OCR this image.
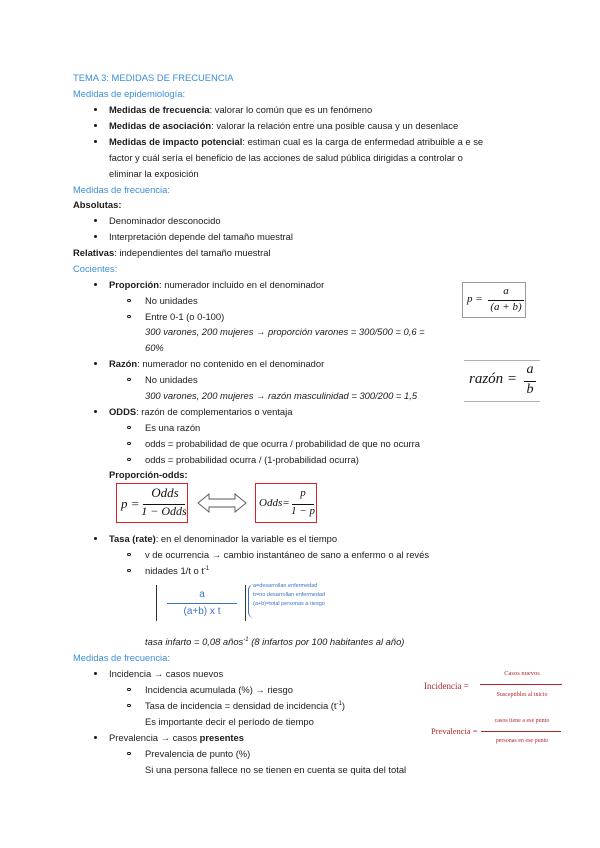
TEMA 3: MEDIDAS DE FRECUENCIA
Medidas de epidemiología:
Medidas de frecuencia: valorar lo común que es un fenómeno
Medidas de asociación: valorar la relación entre una posible causa y un desenlace
Medidas de impacto potencial: estiman cual es la carga de enfermedad atribuible a e se
factor y cuál sería el beneficio de las acciones de salud pública dirigidas a controlar o
eliminar la exposición
Medidas de frecuencia:
Absolutas:
Denominador desconocido
Interpretación depende del tamaño muestral
Relativas: independientes del tamaño muestral
Cocientes:
Proporción: numerador incluido en el denominador
No unidades
Entre 0-1 (o 0-100)
300 varones, 200 mujeres → proporción varones = 300/500 = 0,6 =
60%
p =
a
(a + b)
Razón: numerador no contenido en el denominador
No unidades
300 varones, 200 mujeres → razón masculinidad = 300/200 = 1,5
razón =
a
b
ODDS: razón de complementarios o ventaja
Es una razón
odds = probabilidad de que ocurra / probabilidad de que no ocurra
odds = probabilidad ocurra / (1-probabilidad ocurra)
Proporción-odds:
p =
Odds
1 − Odds
Odds=
p
1 − p
Tasa (rate): en el denominador la variable es el tiempo
v de ocurrencia → cambio instantáneo de sano a enfermo o al revés
nidades 1/t o $t^{-1}$
a
(a+b) x t
a=desarrollan enfermedad
b=no desarrollan enfermedad
(a+b)=total personas a riesgo
tasa infarto = 0,08 años$^{-1}$ (8 infartos por 100 habitantes al año)
Medidas de frecuencia:
Incidencia → casos nuevos
Incidencia acumulada (%) → riesgo
Tasa de incidencia = densidad de incidencia $(t^{-1})$
Es importante decir el período de tiempo
Prevalencia → casos presentes
Prevalencia de punto (%)
Si una persona fallece no se tienen en cuenta se quita del total
Incidencia =
Casos nuevos
Susceptibles al inicio
Prevalencia =
casos tiene a ese punto
personas en ese punto
